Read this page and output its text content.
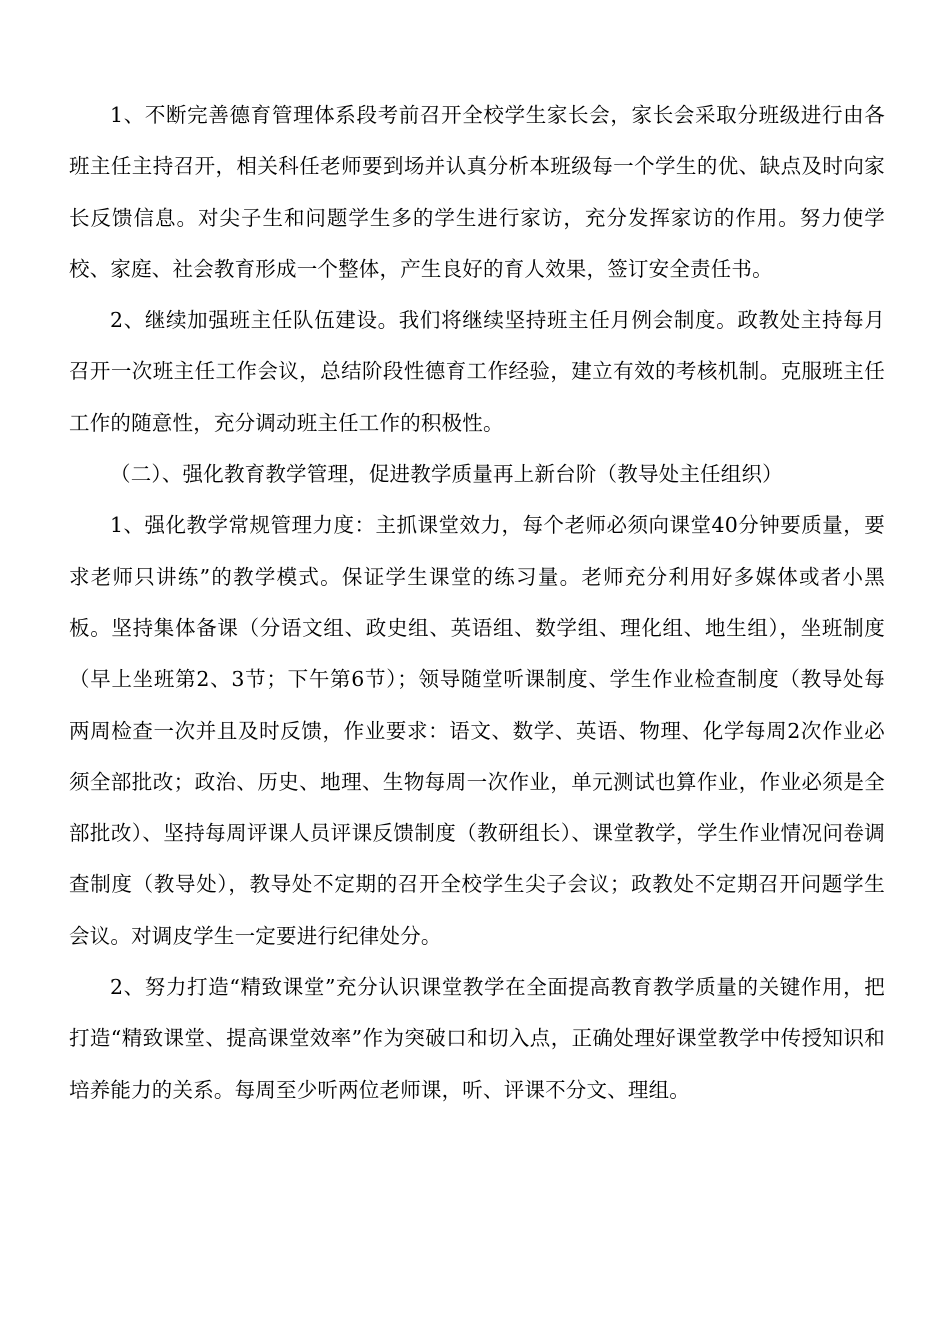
1、不断完善德育管理体系段考前召开全校学生家长会，家长会采取分班级进行由各班主任主持召开，相关科任老师要到场并认真分析本班级每一个学生的优、缺点及时向家长反馈信息。对尖子生和问题学生多的学生进行家访，充分发挥家访的作用。努力使学校、家庭、社会教育形成一个整体，产生良好的育人效果，签订安全责任书。

2、继续加强班主任队伍建设。我们将继续坚持班主任月例会制度。政教处主持每月召开一次班主任工作会议，总结阶段性德育工作经验，建立有效的考核机制。克服班主任工作的随意性，充分调动班主任工作的积极性。

（二）、强化教育教学管理，促进教学质量再上新台阶（教导处主任组织）

1、强化教学常规管理力度：主抓课堂效力，每个老师必须向课堂40分钟要质量，要求老师只讲练”的教学模式。保证学生课堂的练习量。老师充分利用好多媒体或者小黑板。坚持集体备课（分语文组、政史组、英语组、数学组、理化组、地生组），坐班制度（早上坐班第2、3节；下午第6节）；领导随堂听课制度、学生作业检查制度（教导处每两周检查一次并且及时反馈，作业要求：语文、数学、英语、物理、化学每周2次作业必须全部批改；政治、历史、地理、生物每周一次作业，单元测试也算作业，作业必须是全部批改）、坚持每周评课人员评课反馈制度（教研组长）、课堂教学，学生作业情况问卷调查制度（教导处），教导处不定期的召开全校学生尖子会议；政教处不定期召开问题学生会议。对调皮学生一定要进行纪律处分。

2、努力打造“精致课堂”充分认识课堂教学在全面提高教育教学质量的关键作用，把打造“精致课堂、提高课堂效率”作为突破口和切入点，正确处理好课堂教学中传授知识和培养能力的关系。每周至少听两位老师课，听、评课不分文、理组。
